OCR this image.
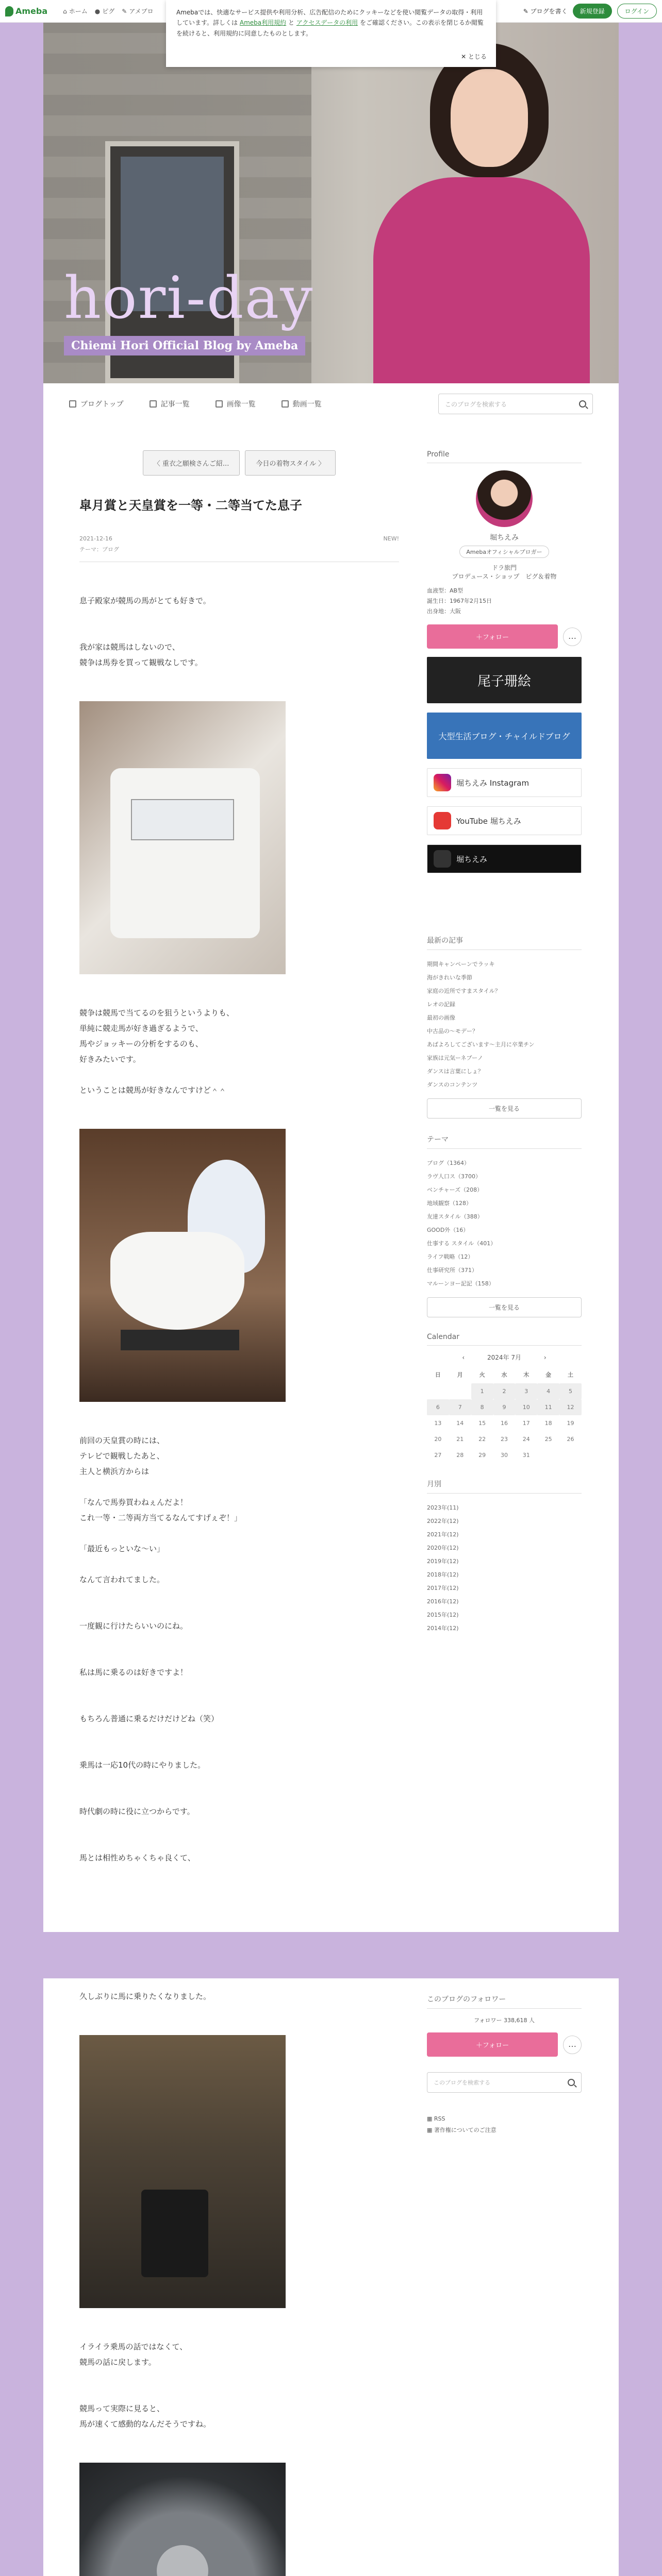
Ameba	⌂ ホーム ● ピグ ✎ アメブロ	✎ ブログを書く	新規登録	ログイン
Amebaでは、快適なサービス提供や利用分析、広告配信のためにクッキーなどを使い閲覧データの取得・利用しています。詳しくは Ameba利用規約 と アクセスデータの利用 をご確認ください。この表示を閉じるか閲覧を続けると、利用規約に同意したものとします。
✕ とじる
hori-day
Chiemi Hori Official Blog by Ameba
ブログトップ	記事一覧	画像一覧	動画一覧	このブログを検索する
〈 重衣之願検さんご紹...	今日の着物スタイル 〉
皐月賞と天皇賞を一等・二等当てた息子
2021-12-16	NEW!
テーマ：ブログ

息子殿家が競馬の馬がとても好きで。

我が家は競馬はしないので、
競争は馬券を買って観戦なしです。

競争は競馬で当てるのを狙うというよりも、
単純に競走馬が好き過ぎるようで、
馬やジョッキーの分析をするのも、
好きみたいです。

ということは競馬が好きなんですけど＾＾

前回の天皇賞の時には、
テレビで観戦したあと、
主人と横浜方からは

「なんで馬券買わねぇんだよ！
これ一等・二等両方当てるなんてすげぇぞ！」

「最近もっといな〜い」

なんて言われてました。

一度観に行けたらいいのにね。

私は馬に乗るのは好きですよ！

もちろん普通に乗るだけだけどね（笑）

乗馬は一応10代の時にやりました。

時代劇の時に役に立つからです。

馬とは相性めちゃくちゃ良くて、

Profile
堀ちえみ
Amebaオフィシャルブロガー
ドラ旅門
プロデュース・ショップ　ピグ＆着物
血液型：AB型
誕生日：1967年2月15日
出身地：大阪
＋フォロー	…
尾子珊絵
大型生活ブログ・チャイルドブログ
堀ちえみ Instagram
YouTube 堀ちえみ
堀ちえみ
最新の記事
期間キャンペーンでラッキ
海がきれいな季節
家庭の近所ですまスタイル？
レオの記録
最初の画像
中古品の〜モデー？
あばよろしてございます〜主月に卒業チン
家族は元気ーネブーノ
ダンスは言葉にしょ？
ダンスのコンテンツ
一覧を見る
テーマ
ブログ（1364）
ラヴ人口ス（3700）
ベンチャーズ（208）
地域観察（128）
友達スタイル（388）
GOOD外（16）
仕事する スタイル（401）
ライフ戦略（12）
仕事研究所（371）
マルーンヨー記記（158）
一覧を見る
Calendar
‹	2024年 7月	›
日	月	火	水	木	金	土
		1	2	3	4	5
6	7	8	9	10	11	12
13	14	15	16	17	18	19
20	21	22	23	24	25	26
27	28	29	30	31		
月別
2023年(11)
2022年(12)
2021年(12)
2020年(12)
2019年(12)
2018年(12)
2017年(12)
2016年(12)
2015年(12)
2014年(12)

久しぶりに馬に乗りたくなりました。

イライラ乗馬の話ではなくて、
競馬の話に戻します。

競馬って実際に見ると、
馬が速くて感動的なんだそうですね。

このブログのフォロワー
フォロワー 338,618 人
＋フォロー	…
このブログを検索する
▦ RSS
▦ 著作権についてのご注意
